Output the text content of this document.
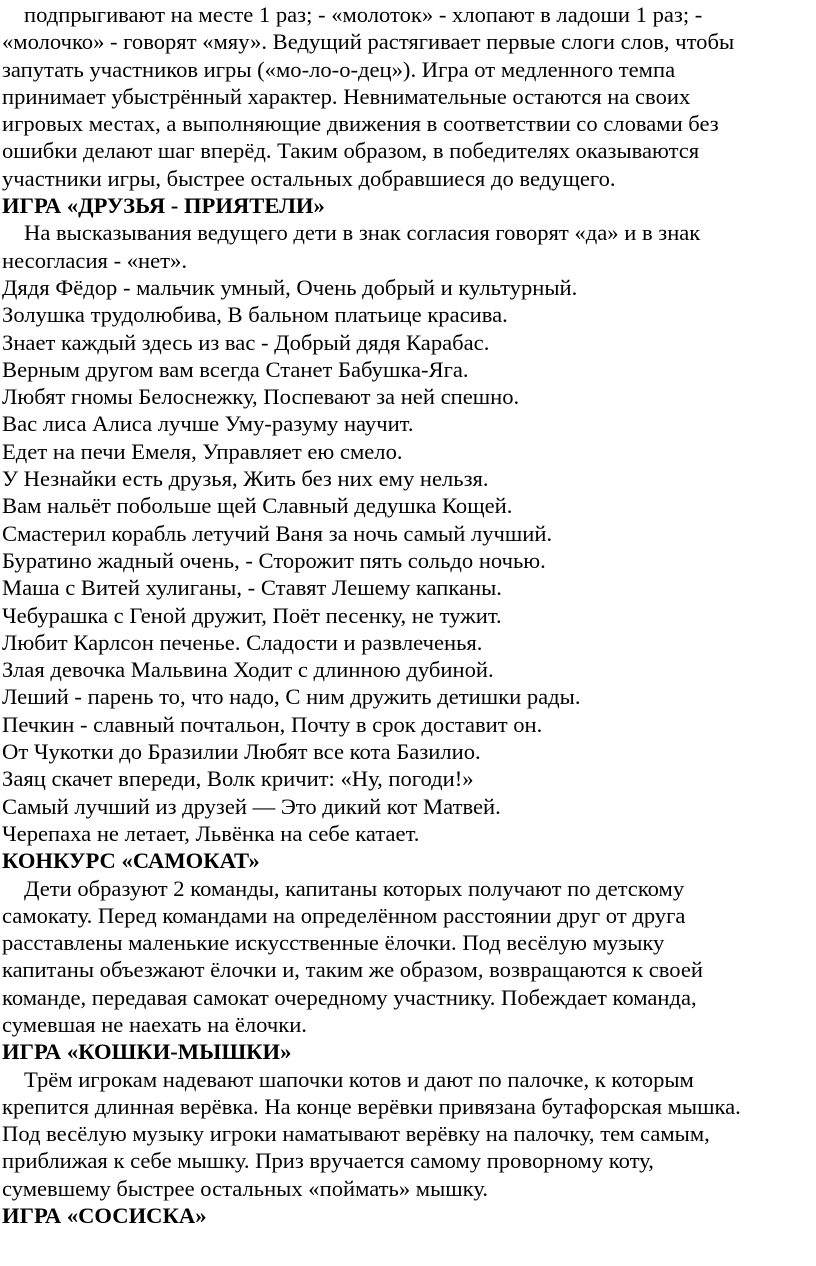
подпрыгивают на месте 1 раз; - «молоток» - хлопают в ладоши 1 раз; -
«молочко» - говорят «мяу». Ведущий растягивает первые слоги слов, чтобы
запутать участников игры («мо-ло-о-дец»). Игра от медленного темпа
принимает убыстрённый характер. Невнимательные остаются на своих
игровых местах, а выполняющие движения в соответствии со словами без
ошибки делают шаг вперёд. Таким образом, в победителях оказываются
участники игры, быстрее остальных добравшиеся до ведущего.
ИГРА «ДРУЗЬЯ - ПРИЯТЕЛИ»
На высказывания ведущего дети в знак согласия говорят «да» и в знак
несогласия - «нет».
Дядя Фёдор - мальчик умный, Очень добрый и культурный.
Золушка трудолюбива, В бальном платьице красива.
Знает каждый здесь из вас - Добрый дядя Карабас.
Верным другом вам всегда Станет Бабушка-Яга.
Любят гномы Белоснежку, Поспевают за ней спешно.
Вас лиса Алиса лучше Уму-разуму научит.
Едет на печи Емеля, Управляет ею смело.
У Незнайки есть друзья, Жить без них ему нельзя.
Вам нальёт побольше щей Славный дедушка Кощей.
Смастерил корабль летучий Ваня за ночь самый лучший.
Буратино жадный очень, - Сторожит пять сольдо ночью.
Маша с Витей хулиганы, - Ставят Лешему капканы.
Чебурашка с Геной дружит, Поёт песенку, не тужит.
Любит Карлсон печенье. Сладости и развлеченья.
Злая девочка Мальвина Ходит с длинною дубиной.
Леший - парень то, что надо, С ним дружить детишки рады.
Печкин - славный почтальон, Почту в срок доставит он.
От Чукотки до Бразилии Любят все кота Базилио.
Заяц скачет впереди, Волк кричит: «Ну, погоди!»
Самый лучший из друзей — Это дикий кот Матвей.
Черепаха не летает, Львёнка на себе катает.
КОНКУРС «САМОКАТ»
Дети образуют 2 команды, капитаны которых получают по детскому
самокату. Перед командами на определённом расстоянии друг от друга
расставлены маленькие искусственные ёлочки. Под весёлую музыку
капитаны объезжают ёлочки и, таким же образом, возвращаются к своей
команде, передавая самокат очередному участнику. Побеждает команда,
сумевшая не наехать на ёлочки.
ИГРА «КОШКИ-МЫШКИ»
Трём игрокам надевают шапочки котов и дают по палочке, к которым
крепится длинная верёвка. На конце верёвки привязана бутафорская мышка.
Под весёлую музыку игроки наматывают верёвку на палочку, тем самым,
приближая к себе мышку. Приз вручается самому проворному коту,
сумевшему быстрее остальных «поймать» мышку.
ИГРА «СОСИСКА»
